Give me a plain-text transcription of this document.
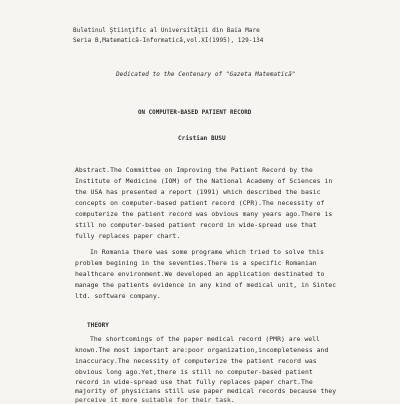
Buletinul Ştiinţific al Universităţii din Baia Mare
Seria B,Matematică-Informatică,vol.XI(1995), 129-134
Dedicated to the Centenary of "Gazeta Matematică"
ON COMPUTER-BASED PATIENT RECORD
Cristian BUSU
Abstract.The Committee on Improving the Patient Record by the
Institute of Medicine (IOM) of the National Academy of Sciences in
the USA has presented a report (1991) which described the basic
concepts on computer-based patient record (CPR).The necessity of
computerize the patient record was obvious many years ago.There is
still no computer-based patient record in wide-spread use that
fully replaces paper chart.
In Romania there was some programe which tried to solve this
problem begining in the seventies.There is a specific Romanian
healthcare environment.We developed an application destinated to
manage the patients evidence in any kind of medical unit, in Sintec
ltd. software company.
THEORY
The shortcomings of the paper medical record (PMR) are well
known.The most important are:poor organization,incompleteness and
inaccuracy.The necessity of computerize the patient record was
obvious long ago.Yet,there is still no computer-based patient
record in wide-spread use that fully replaces paper chart.The
majority of physicians still use paper medical records because they
perceive it more suitable for their task.
